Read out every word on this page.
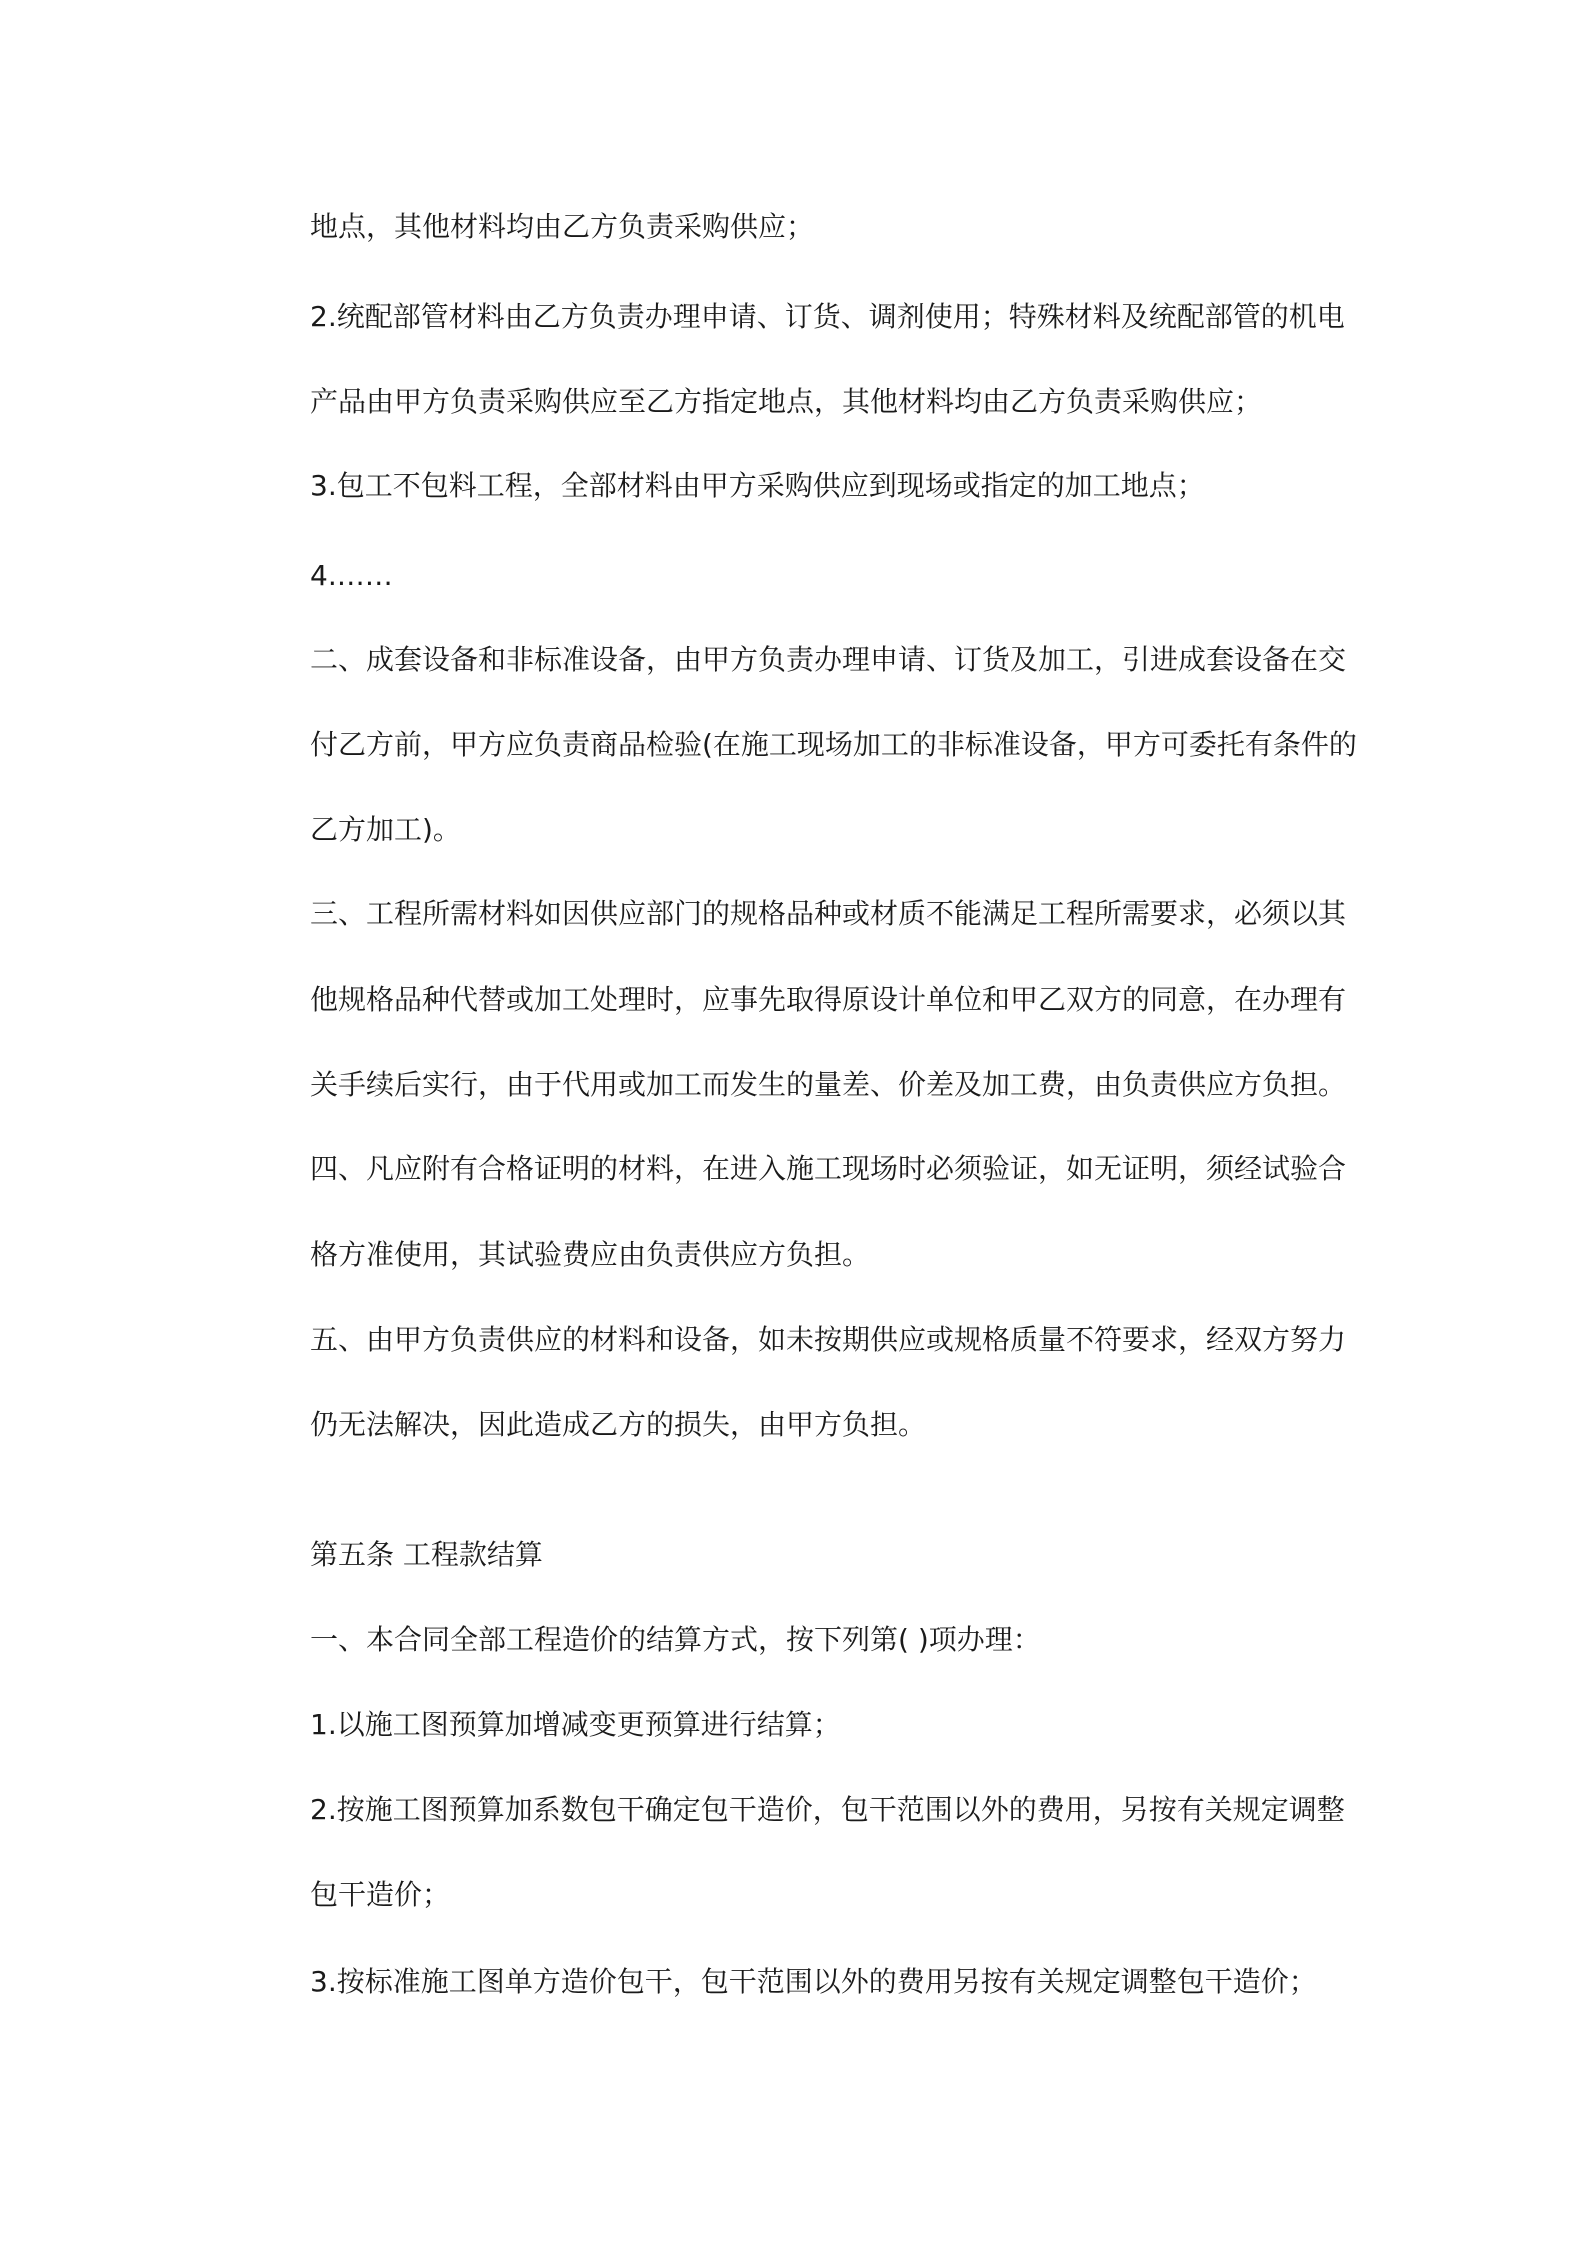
地点，其他材料均由乙方负责采购供应；
2.统配部管材料由乙方负责办理申请、订货、调剂使用；特殊材料及统配部管的机电
产品由甲方负责采购供应至乙方指定地点，其他材料均由乙方负责采购供应；
3.包工不包料工程，全部材料由甲方采购供应到现场或指定的加工地点；
4.……
二、成套设备和非标准设备，由甲方负责办理申请、订货及加工，引进成套设备在交
付乙方前，甲方应负责商品检验(在施工现场加工的非标准设备，甲方可委托有条件的
乙方加工)。
三、工程所需材料如因供应部门的规格品种或材质不能满足工程所需要求，必须以其
他规格品种代替或加工处理时，应事先取得原设计单位和甲乙双方的同意，在办理有
关手续后实行，由于代用或加工而发生的量差、价差及加工费，由负责供应方负担。
四、凡应附有合格证明的材料，在进入施工现场时必须验证，如无证明，须经试验合
格方准使用，其试验费应由负责供应方负担。
五、由甲方负责供应的材料和设备，如未按期供应或规格质量不符要求，经双方努力
仍无法解决，因此造成乙方的损失，由甲方负担。
第五条 工程款结算
一、本合同全部工程造价的结算方式，按下列第( )项办理：
1.以施工图预算加增减变更预算进行结算；
2.按施工图预算加系数包干确定包干造价，包干范围以外的费用，另按有关规定调整
包干造价；
3.按标准施工图单方造价包干，包干范围以外的费用另按有关规定调整包干造价；
